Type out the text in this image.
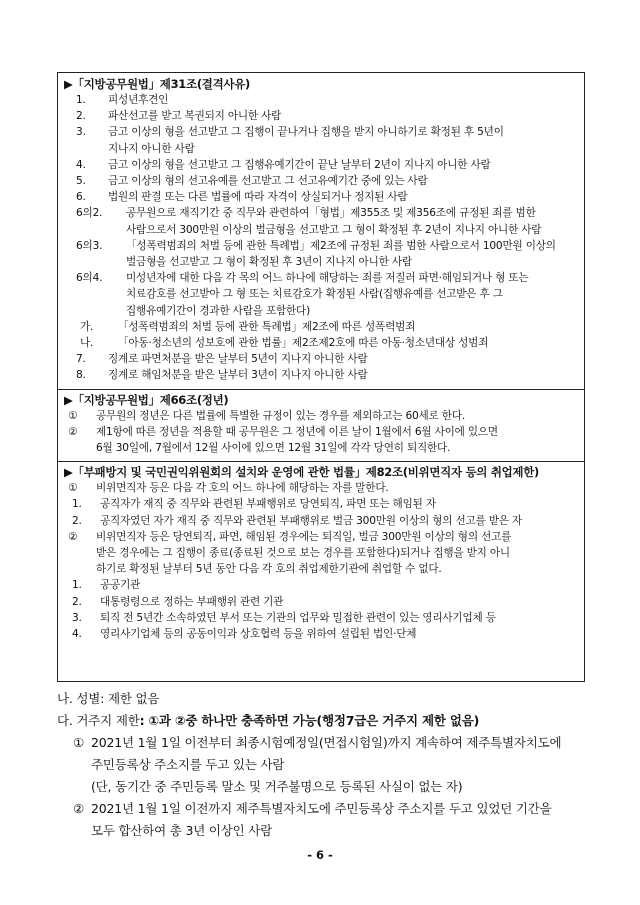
▶「지방공무원법」제31조(결격사유)
1. 피성년후견인
2. 파산선고를 받고 복권되지 아니한 사람
3. 금고 이상의 형을 선고받고 그 집행이 끝나거나 집행을 받지 아니하기로 확정된 후 5년이
지나지 아니한 사람
4. 금고 이상의 형을 선고받고 그 집행유예기간이 끝난 날부터 2년이 지나지 아니한 사람
5. 금고 이상의 형의 선고유예를 선고받고 그 선고유예기간 중에 있는 사람
6. 법원의 판결 또는 다른 법률에 따라 자격이 상실되거나 정지된 사람
6의2. 공무원으로 재직기간 중 직무와 관련하여「형법」제355조 및 제356조에 규정된 죄를 범한
사람으로서 300만원 이상의 벌금형을 선고받고 그 형이 확정된 후 2년이 지나지 아니한 사람
6의3. 「성폭력범죄의 처벌 등에 관한 특례법」제2조에 규정된 죄를 범한 사람으로서 100만원 이상의
벌금형을 선고받고 그 형이 확정된 후 3년이 지나지 아니한 사람
6의4. 미성년자에 대한 다음 각 목의 어느 하나에 해당하는 죄를 저질러 파면·해임되거나 형 또는
치료감호를 선고받아 그 형 또는 치료감호가 확정된 사람(집행유예를 선고받은 후 그
집행유예기간이 경과한 사람을 포함한다)
가. 「성폭력범죄의 처벌 등에 관한 특례법」제2조에 따른 성폭력범죄
나. 「아동·청소년의 성보호에 관한 법률」제2조제2호에 따른 아동·청소년대상 성범죄
7. 징계로 파면처분을 받은 날부터 5년이 지나지 아니한 사람
8. 징계로 해임처분을 받은 날부터 3년이 지나지 아니한 사람
▶「지방공무원법」제66조(정년)
① 공무원의 정년은 다른 법률에 특별한 규정이 있는 경우를 제외하고는 60세로 한다.
② 제1항에 따른 정년을 적용할 때 공무원은 그 정년에 이른 날이 1월에서 6월 사이에 있으면
6월 30일에, 7월에서 12월 사이에 있으면 12월 31일에 각각 당연히 퇴직한다.
▶「부패방지 및 국민권익위원회의 설치와 운영에 관한 법률」제82조(비위면직자 등의 취업제한)
① 비위면직자 등은 다음 각 호의 어느 하나에 해당하는 자를 말한다.
1. 공직자가 재직 중 직무와 관련된 부패행위로 당연퇴직, 파면 또는 해임된 자
2. 공직자였던 자가 재직 중 직무와 관련된 부패행위로 벌금 300만원 이상의 형의 선고를 받은 자
② 비위면직자 등은 당연퇴직, 파면, 해임된 경우에는 퇴직일, 벌금 300만원 이상의 형의 선고를
받은 경우에는 그 집행이 종료(종료된 것으로 보는 경우를 포함한다)되거나 집행을 받지 아니
하기로 확정된 날부터 5년 동안 다음 각 호의 취업제한기관에 취업할 수 없다.
1. 공공기관
2. 대통령령으로 정하는 부패행위 관련 기관
3. 퇴직 전 5년간 소속하였던 부서 또는 기관의 업무와 밀접한 관련이 있는 영리사기업체 등
4. 영리사기업체 등의 공동이익과 상호협력 등을 위하여 설립된 법인·단체
나. 성별: 제한 없음
다. 거주지 제한: ①과 ②중 하나만 충족하면 가능(행정7급은 거주지 제한 없음)
① 2021년 1월 1일 이전부터 최종시험예정일(면접시험일)까지 계속하여 제주특별자치도에
주민등록상 주소지를 두고 있는 사람
(단, 동기간 중 주민등록 말소 및 거주불명으로 등록된 사실이 없는 자)
② 2021년 1월 1일 이전까지 제주특별자치도에 주민등록상 주소지를 두고 있었던 기간을
모두 합산하여 총 3년 이상인 사람
- 6 -
